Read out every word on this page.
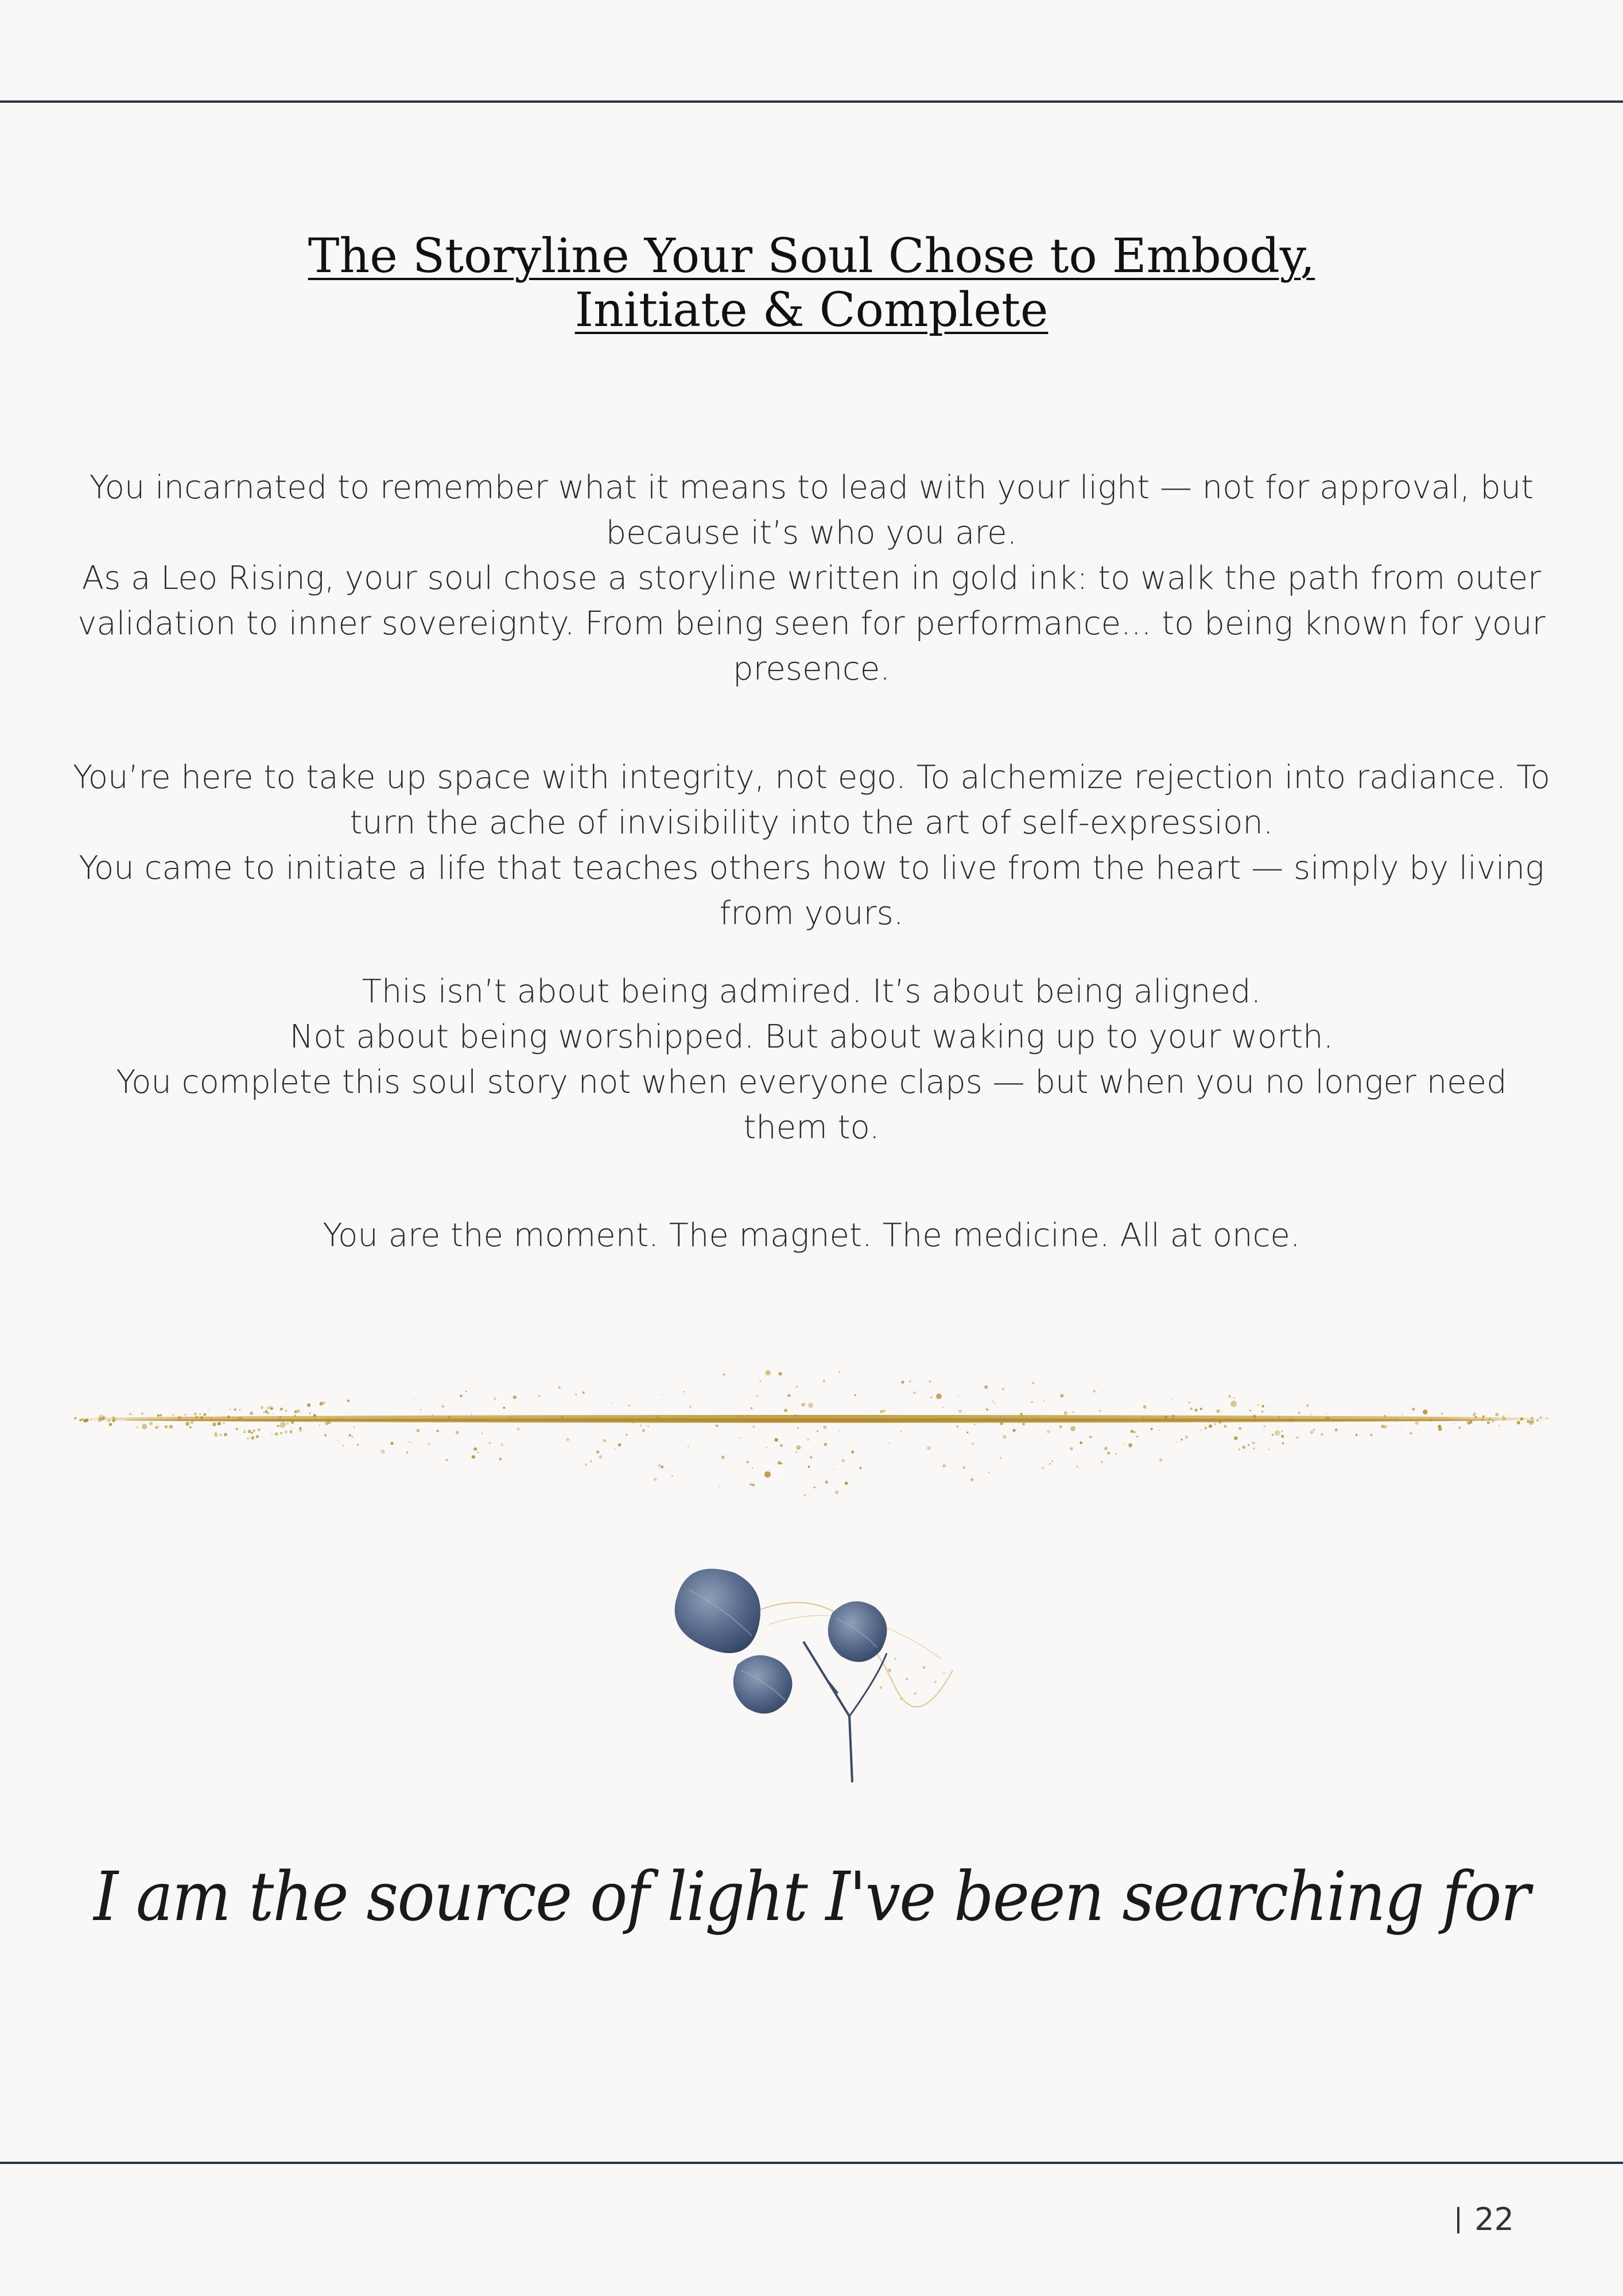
The Storyline Your Soul Chose to Embody,
Initiate & Complete
You incarnated to remember what it means to lead with your light — not for approval, but
because it’s who you are.
As a Leo Rising, your soul chose a storyline written in gold ink: to walk the path from outer
validation to inner sovereignty. From being seen for performance... to being known for your
presence.
You’re here to take up space with integrity, not ego. To alchemize rejection into radiance. To
turn the ache of invisibility into the art of self-expression.
You came to initiate a life that teaches others how to live from the heart — simply by living
from yours.
This isn’t about being admired. It’s about being aligned.
Not about being worshipped. But about waking up to your worth.
You complete this soul story not when everyone claps — but when you no longer need
them to.
You are the moment. The magnet. The medicine. All at once.

I am the source of light I've been searching for

22
